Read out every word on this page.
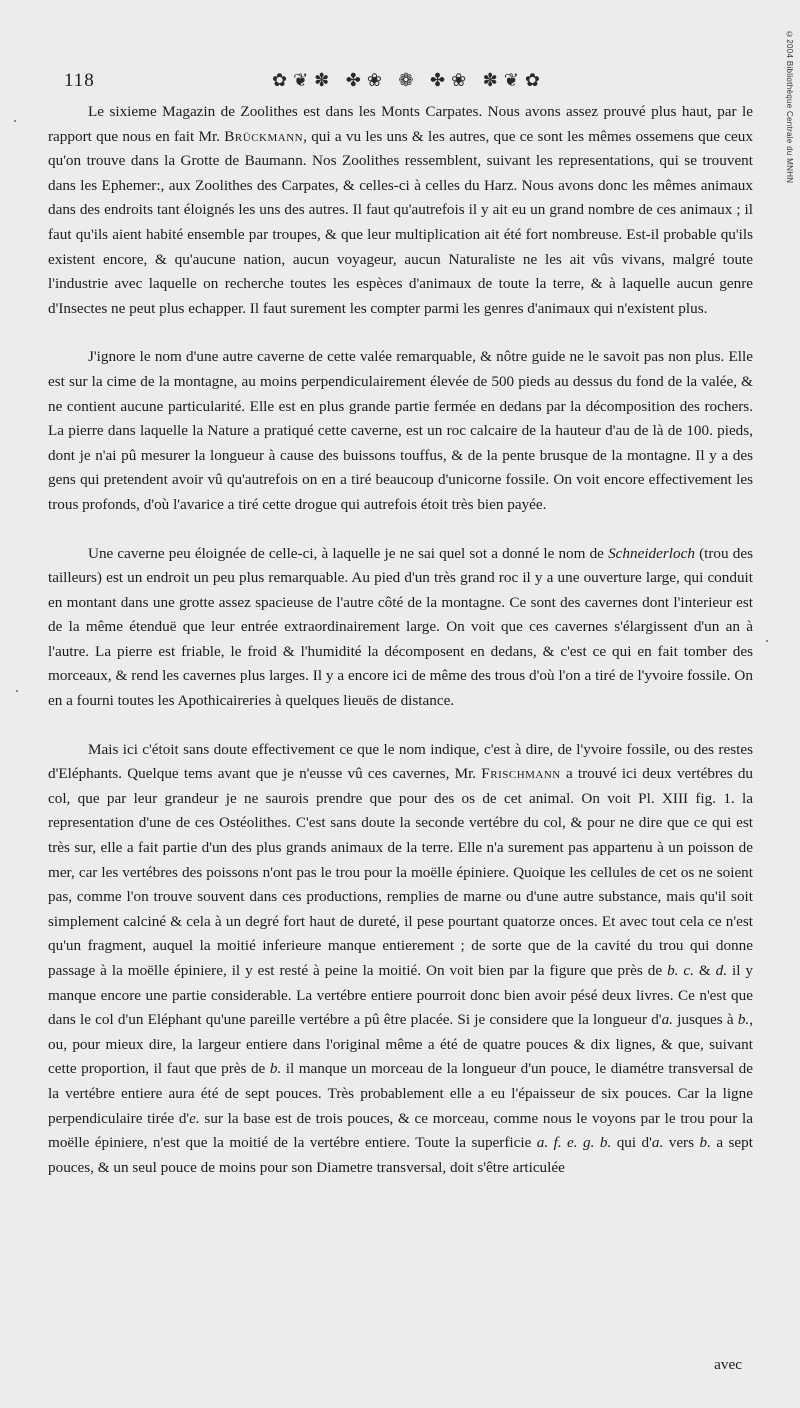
118	✿❦✽ ✤❀ ❁ ✤❀ ✽❦✿	©2004 Bibliothèque Centrale du MNHN

Le sixieme Magazin de Zoolithes est dans les Monts Carpates. Nous avons assez prouvé plus haut, par le rapport que nous en fait Mr. Brückmann, qui a vu les uns & les autres, que ce sont les mêmes ossemens que ceux qu'on trouve dans la Grotte de Baumann. Nos Zoolithes ressemblent, suivant les representations, qui se trouvent dans les Ephemer:, aux Zoolithes des Carpates, & celles-ci à celles du Harz. Nous avons donc les mêmes animaux dans des endroits tant éloignés les uns des autres. Il faut qu'autrefois il y ait eu un grand nombre de ces animaux ; il faut qu'ils aient habité ensemble par troupes, & que leur multiplication ait été fort nombreuse. Est-il probable qu'ils existent encore, & qu'aucune nation, aucun voyageur, aucun Naturaliste ne les ait vûs vivans, malgré toute l'industrie avec laquelle on recherche toutes les espèces d'animaux de toute la terre, & à laquelle aucun genre d'Insectes ne peut plus echapper. Il faut surement les compter parmi les genres d'animaux qui n'existent plus.

J'ignore le nom d'une autre caverne de cette valée remarquable, & nôtre guide ne le savoit pas non plus. Elle est sur la cime de la montagne, au moins perpendiculairement élevée de 500 pieds au dessus du fond de la valée, & ne contient aucune particularité. Elle est en plus grande partie fermée en dedans par la décomposition des rochers. La pierre dans laquelle la Nature a pratiqué cette caverne, est un roc calcaire de la hauteur d'au de là de 100. pieds, dont je n'ai pû mesurer la longueur à cause des buissons touffus, & de la pente brusque de la montagne. Il y a des gens qui pretendent avoir vû qu'autrefois on en a tiré beaucoup d'unicorne fossile. On voit encore effectivement les trous profonds, d'où l'avarice a tiré cette drogue qui autrefois étoit très bien payée.

Une caverne peu éloignée de celle-ci, à laquelle je ne sai quel sot a donné le nom de Schneiderloch (trou des tailleurs) est un endroit un peu plus remarquable. Au pied d'un très grand roc il y a une ouverture large, qui conduit en montant dans une grotte assez spacieuse de l'autre côté de la montagne. Ce sont des cavernes dont l'interieur est de la même étenduë que leur entrée extraordinairement large. On voit que ces cavernes s'élargissent d'un an à l'autre. La pierre est friable, le froid & l'humidité la décomposent en dedans, & c'est ce qui en fait tomber des morceaux, & rend les cavernes plus larges. Il y a encore ici de même des trous d'où l'on a tiré de l'yvoire fossile. On en a fourni toutes les Apothicaireries à quelques lieuës de distance.

Mais ici c'étoit sans doute effectivement ce que le nom indique, c'est à dire, de l'yvoire fossile, ou des restes d'Eléphants. Quelque tems avant que je n'eusse vû ces cavernes, Mr. Frischmann a trouvé ici deux vertébres du col, que par leur grandeur je ne saurois prendre que pour des os de cet animal. On voit Pl. XIII fig. 1. la representation d'une de ces Ostéolithes. C'est sans doute la seconde vertébre du col, & pour ne dire que ce qui est très sur, elle a fait partie d'un des plus grands animaux de la terre. Elle n'a surement pas appartenu à un poisson de mer, car les vertébres des poissons n'ont pas le trou pour la moëlle épiniere. Quoique les cellules de cet os ne soient pas, comme l'on trouve souvent dans ces productions, remplies de marne ou d'une autre substance, mais qu'il soit simplement calciné & cela à un degré fort haut de dureté, il pese pourtant quatorze onces. Et avec tout cela ce n'est qu'un fragment, auquel la moitié inferieure manque entierement ; de sorte que de la cavité du trou qui donne passage à la moëlle épiniere, il y est resté à peine la moitié. On voit bien par la figure que près de b. c. & d. il y manque encore une partie considerable. La vertébre entiere pourroit donc bien avoir pésé deux livres. Ce n'est que dans le col d'un Eléphant qu'une pareille vertébre a pû être placée. Si je considere que la longueur d'a. jusques à b., ou, pour mieux dire, la largeur entiere dans l'original même a été de quatre pouces & dix lignes, & que, suivant cette proportion, il faut que près de b. il manque un morceau de la longueur d'un pouce, le diamétre transversal de la vertébre entiere aura été de sept pouces. Très probablement elle a eu l'épaisseur de six pouces. Car la ligne perpendiculaire tirée d'e. sur la base est de trois pouces, & ce morceau, comme nous le voyons par le trou pour la moëlle épiniere, n'est que la moitié de la vertébre entiere. Toute la superficie a. f. e. g. b. qui d'a. vers b. a sept pouces, & un seul pouce de moins pour son Diametre transversal, doit s'être articulée

avec
